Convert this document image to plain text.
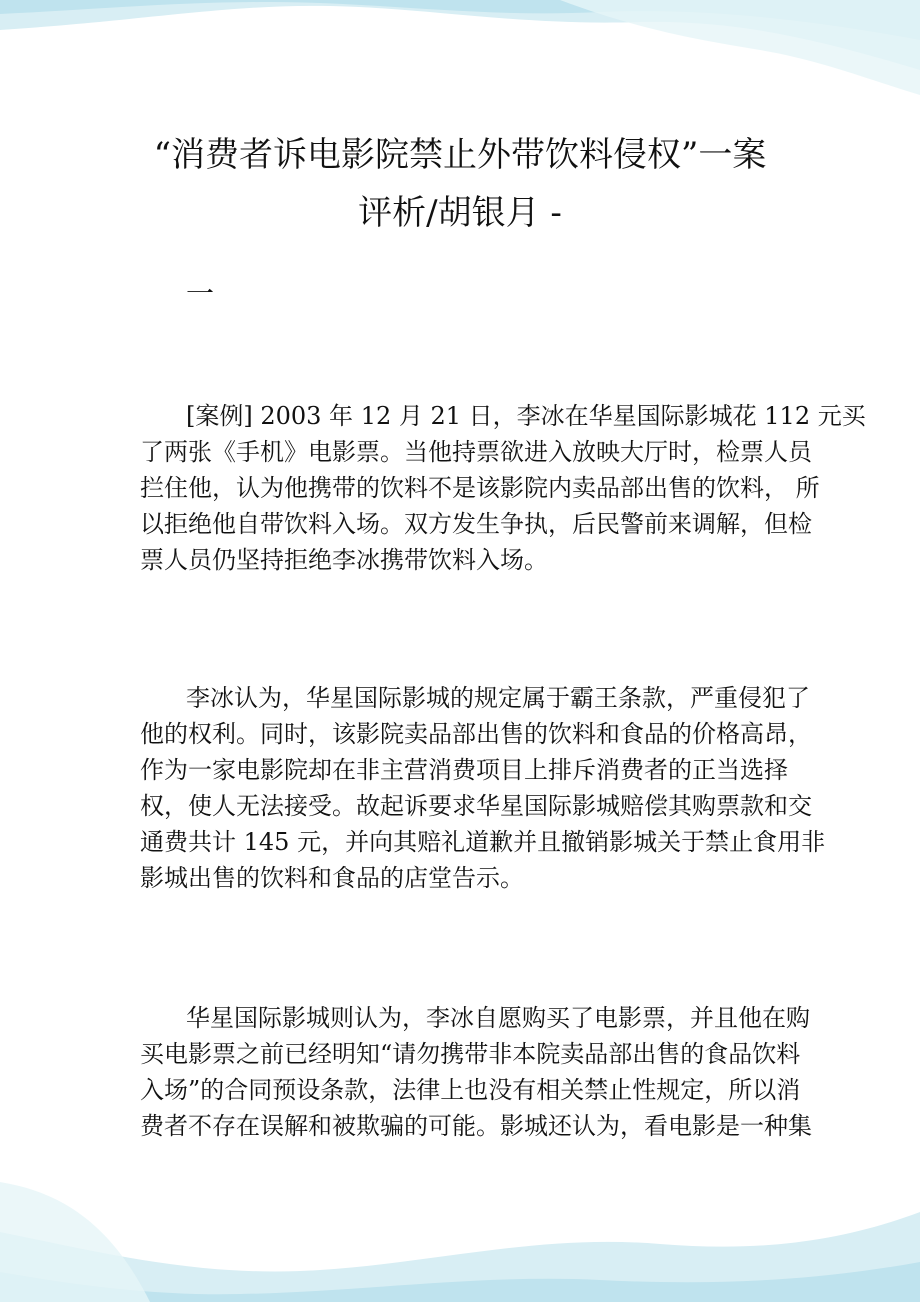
“消费者诉电影院禁止外带饮料侵权”一案
评析/胡银月 -
一

[案例] 2003 年 12 月 21 日，李冰在华星国际影城花 112 元买
了两张《手机》电影票。当他持票欲进入放映大厅时，检票人员
拦住他，认为他携带的饮料不是该影院内卖品部出售的饮料， 所
以拒绝他自带饮料入场。双方发生争执，后民警前来调解，但检
票人员仍坚持拒绝李冰携带饮料入场。

李冰认为，华星国际影城的规定属于霸王条款，严重侵犯了
他的权利。同时，该影院卖品部出售的饮料和食品的价格高昂，
作为一家电影院却在非主营消费项目上排斥消费者的正当选择
权，使人无法接受。故起诉要求华星国际影城赔偿其购票款和交
通费共计 145 元，并向其赔礼道歉并且撤销影城关于禁止食用非
影城出售的饮料和食品的店堂告示。

华星国际影城则认为，李冰自愿购买了电影票，并且他在购
买电影票之前已经明知“请勿携带非本院卖品部出售的食品饮料
入场”的合同预设条款，法律上也没有相关禁止性规定，所以消
费者不存在误解和被欺骗的可能。影城还认为，看电影是一种集
